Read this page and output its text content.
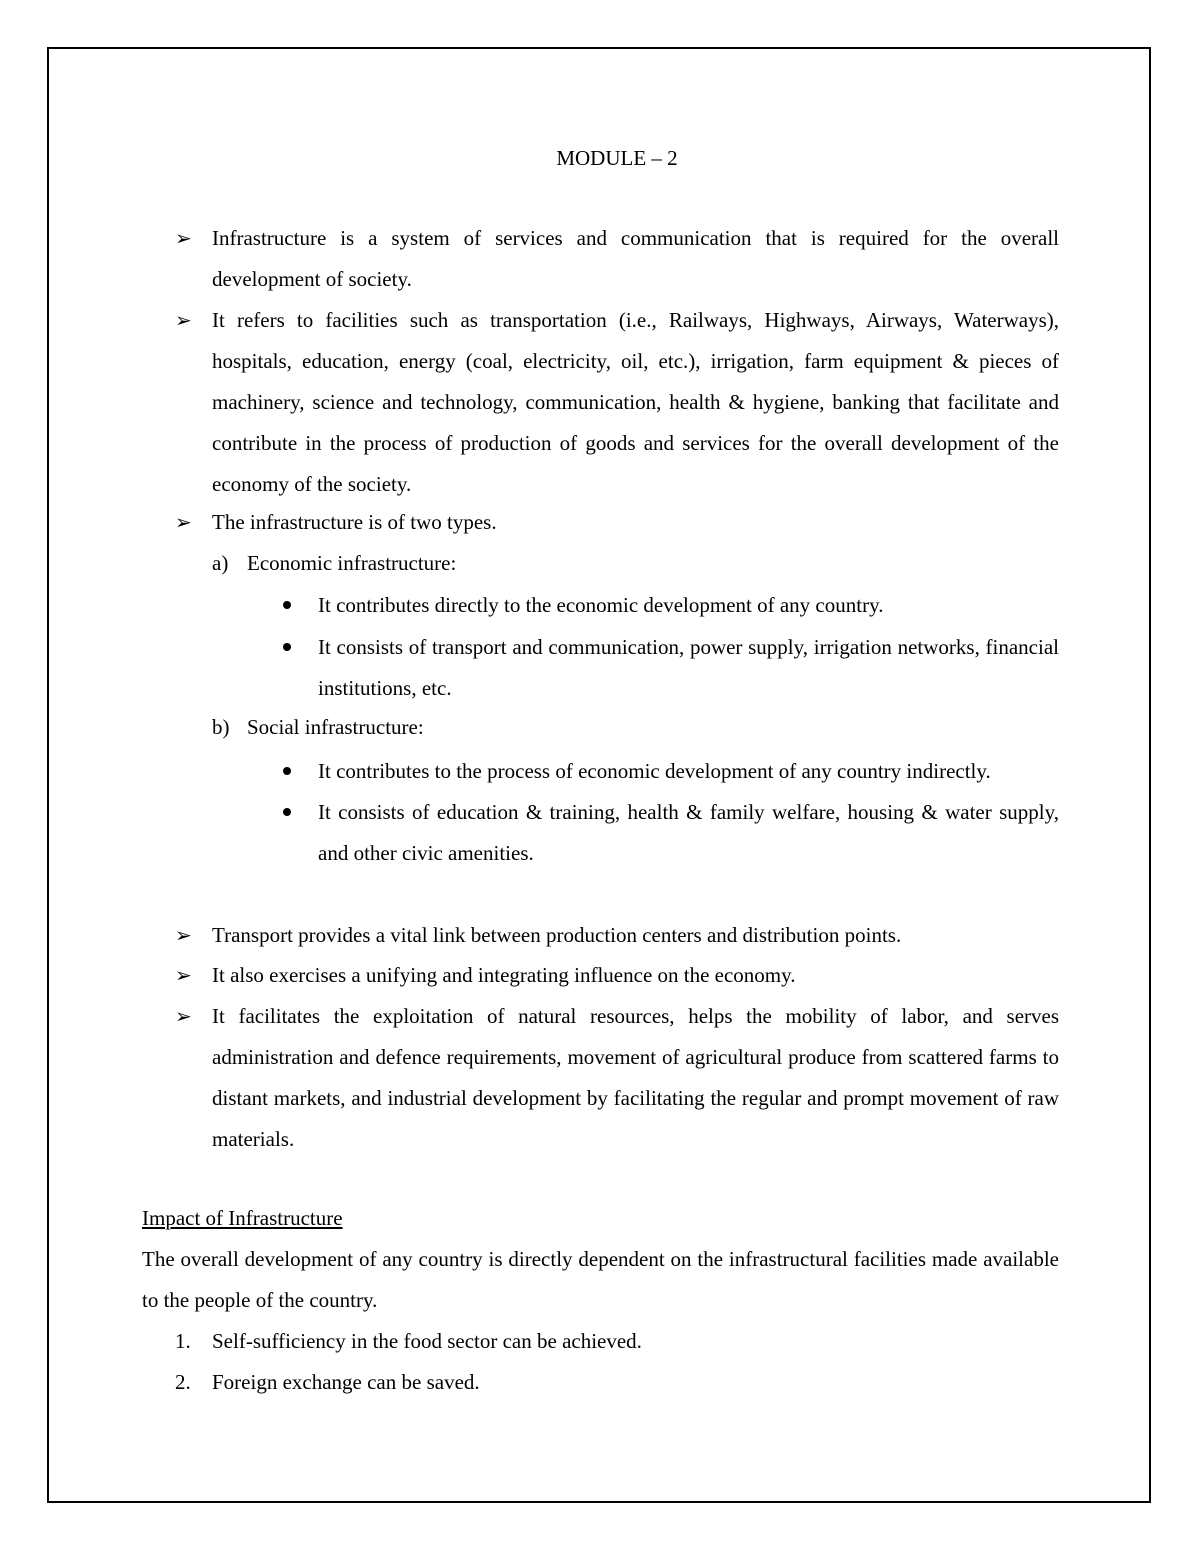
MODULE – 2
➢ Infrastructure is a system of services and communication that is required for the overall development of society.
➢ It refers to facilities such as transportation (i.e., Railways, Highways, Airways, Waterways), hospitals, education, energy (coal, electricity, oil, etc.), irrigation, farm equipment & pieces of machinery, science and technology, communication, health & hygiene, banking that facilitate and contribute in the process of production of goods and services for the overall development of the economy of the society.
➢ The infrastructure is of two types.
a) Economic infrastructure:
It contributes directly to the economic development of any country.
It consists of transport and communication, power supply, irrigation networks, financial institutions, etc.
b) Social infrastructure:
It contributes to the process of economic development of any country indirectly.
It consists of education & training, health & family welfare, housing & water supply, and other civic amenities.
➢ Transport provides a vital link between production centers and distribution points.
➢ It also exercises a unifying and integrating influence on the economy.
➢ It facilitates the exploitation of natural resources, helps the mobility of labor, and serves administration and defence requirements, movement of agricultural produce from scattered farms to distant markets, and industrial development by facilitating the regular and prompt movement of raw materials.
Impact of Infrastructure
The overall development of any country is directly dependent on the infrastructural facilities made available to the people of the country.
1. Self-sufficiency in the food sector can be achieved.
2. Foreign exchange can be saved.
